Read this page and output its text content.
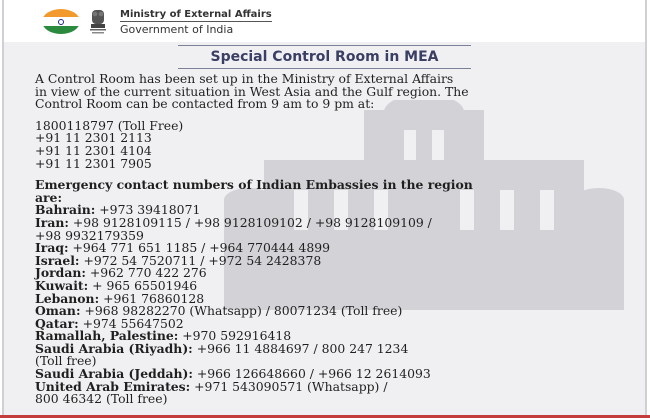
Ministry of External Affairs
Government of India
Special Control Room in MEA
A Control Room has been set up in the Ministry of External Affairs
in view of the current situation in West Asia and the Gulf region. The
Control Room can be contacted from 9 am to 9 pm at:
1800118797 (Toll Free)
+91 11 2301 2113
+91 11 2301 4104
+91 11 2301 7905
Emergency contact numbers of Indian Embassies in the region
are:
Bahrain: +973 39418071
Iran: +98 9128109115 / +98 9128109102 / +98 9128109109 /
+98 9932179359
Iraq: +964 771 651 1185 / +964 770444 4899
Israel: +972 54 7520711 / +972 54 2428378
Jordan: +962 770 422 276
Kuwait: + 965 65501946
Lebanon: +961 76860128
Oman: +968 98282270 (Whatsapp) / 80071234 (Toll free)
Qatar: +974 55647502
Ramallah, Palestine: +970 592916418
Saudi Arabia (Riyadh): +966 11 4884697 / 800 247 1234
(Toll free)
Saudi Arabia (Jeddah): +966 126648660 / +966 12 2614093
United Arab Emirates: +971 543090571 (Whatsapp) /
800 46342 (Toll free)
